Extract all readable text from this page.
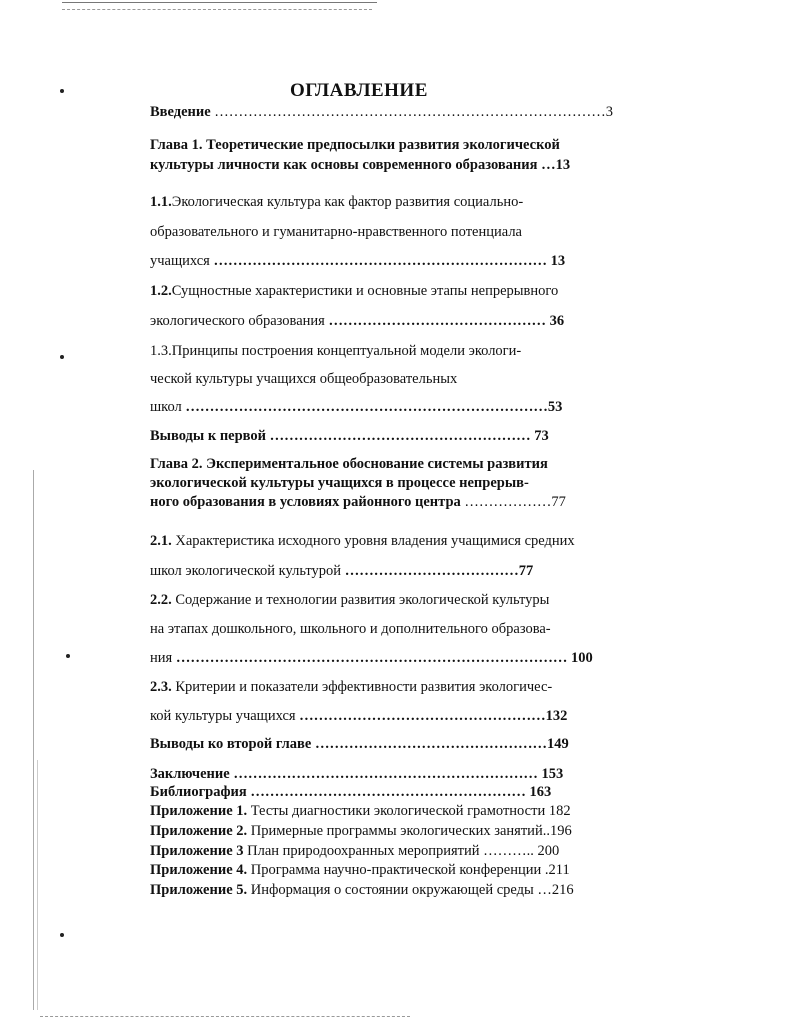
ОГЛАВЛЕНИЕ
Введение ………………………………………………………………………3
Глава 1. Теоретические предпосылки развития экологической
культуры личности как основы современного образования …13
1.1.Экологическая культура как фактор развития социально-
образовательного и гуманитарно-нравственного потенциала
учащихся …………………………………………………………… 13
1.2.Сущностные характеристики и основные этапы непрерывного
экологического образования ……………………………………… 36
1.3.Принципы построения концептуальной модели экологи-
ческой культуры учащихся общеобразовательных
школ …………………………………………………………………53
Выводы к первой ……………………………………………… 73
Глава 2. Экспериментальное обоснование системы развития
экологической культуры учащихся в процессе непрерыв-
ного образования в условиях районного центра ………………77
2.1. Характеристика исходного уровня владения учащимися средних
школ экологической культурой ………………………………77
2.2. Содержание и технологии развития экологической культуры
на этапах дошкольного, школьного и дополнительного образова-
ния ……………………………………………………………………… 100
2.3. Критерии и показатели эффективности развития экологичес-
кой культуры учащихся ……………………………………………132
Выводы ко второй главе …………………………………………149
Заключение ……………………………………………………… 153
Библиография ………………………………………………… 163
Приложение 1. Тесты диагностики экологической грамотности 182
Приложение 2. Примерные программы экологических занятий..196
Приложение 3 План природоохранных мероприятий ……….. 200
Приложение 4. Программа научно-практической конференции .211
Приложение 5. Информация о состоянии окружающей среды …216
